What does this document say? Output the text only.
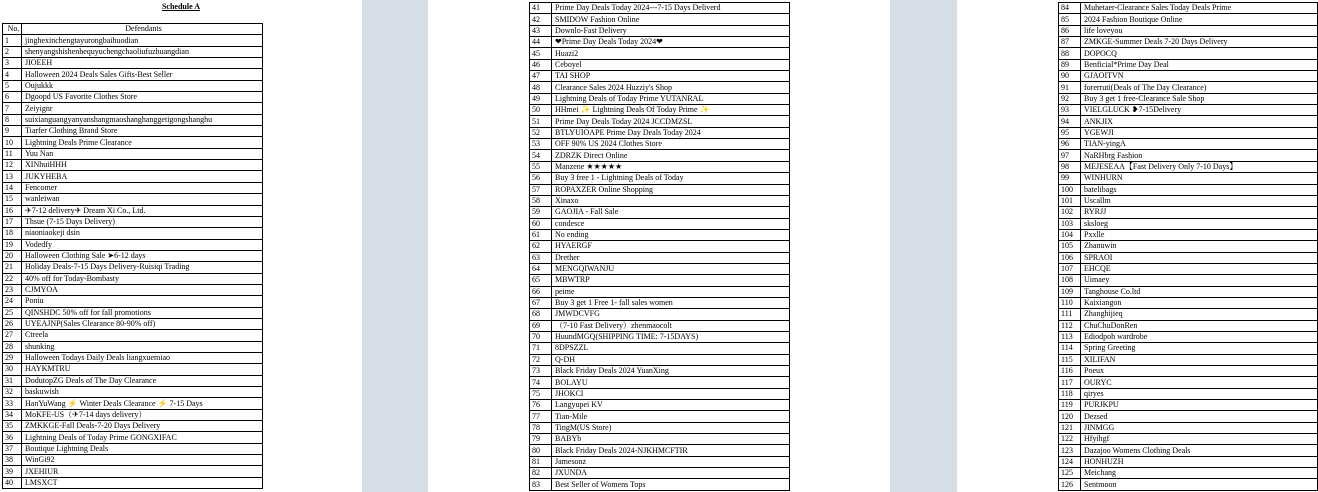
Schedule A
No.	Defendants
1	jinghexinchengtayurongbaihuodian
2	shenyangshishenhequyuchengchaoliufuzhuangdian
3	JIOEEH
4	Halloween 2024 Deals Sales Gifts-Best Seller
5	Oujukkk
6	Dgoopd US Favorite Clothes Store
7	Zeiyignr
8	suixianguangyanyanshangmaoshanghanggetigongshanghu
9	Tiarfer Clothing Brand Store
10	Lightning Deals Prime Clearance
11	Yuu Nan
12	XINhuiHHH
13	JUKYHEBA
14	Fencomer
15	wanleiwan
16	✈7-12 delivery✈ Dream Xi Co., Ltd.
17	Thsue (7-15 Days Delivery)
18	niaoniaokeji dsin
19	Vodedfy
20	Halloween Clothing Sale ➤6-12 days
21	Holiday Deals-7-15 Days Delivery-Ruisiqi Trading
22	40% off for Today-Bombasty
23	CJMYOA
24	Poniu
25	QINSHDC 50% off for fall promotions
26	UYEAJNP(Sales Clearance 80-90% off)
27	Ctreela
28	shunking
29	Halloween Todays Daily Deals liangxuemiao
30	HAYKMTRU
31	DodutopZG Deals of The Day Clearance
32	baskuwish
33	HanYuWang ⚡ Winter Deals Clearance ⚡ 7-15 Days
34	MoKFE-US（✈7-14 days delivery）
35	ZMKKGE-Fall Deals-7-20 Days Delivery
36	Lightning Deals of Today Prime GONGXIFAC
37	Boutique Lightning Deals
38	WinGi92
39	JXEHIUR
40	LMSXCT
41	Prime Day Deals Today 2024---7-15 Days Deliverd
42	SMIDOW Fashion Online
43	Downlo-Fast Delivery
44	❤Prime Day Deals Today 2024❤
45	Huazi2
46	Ceboyel
47	TAI SHOP
48	Clearance Sales 2024 Huzziy's Shop
49	Lightning Deals of Today Prime YUTANRAL
50	HHmei ✨ Lightning Deals Of Today Prime ✨
51	Prime Day Deals Today 2024 JCCDMZSL
52	BTLYUIOAPE Prime Day Deals Today 2024
53	OFF 90% US 2024 Clothes Store
54	ZDRZK Direct Online
55	Manzene ★★★★★
56	Buy 3 free 1 - Lightning Deals of Today
57	ROPAXZER Online Shopping
58	Xinaxo
59	GAOJIA - Fall Sale
60	condesce
61	No ending
62	HYAERGF
63	Drether
64	MENGQIWANJU
65	MBWTRP
66	peime
67	Buy 3 get 1 Free 1- fall sales women
68	JMWDCVFG
69	（7-10 Fast Delivery）zhenmaocolt
70	HuundMGQ(SHIPPING TIME: 7-15DAYS)
71	8DPSZZL
72	Q-DH
73	Black Friday Deals 2024 YuanXing
74	BOLAYU
75	JHOKCI
76	Langyupei KV
77	Tian-Mile
78	TingM(US Store)
79	BABYb
80	Black Friday Deals 2024-NJKHMCFTIR
81	Jamesonz
82	JXUNDA
83	Best Seller of Womens Tops
84	Muhetaer-Clearance Sales Today Deals Prime
85	2024 Fashion Boutique Online
86	life loveyou
87	ZMKGE-Summer Deals 7-20 Days Delivery
88	DOPOCQ
89	Benficial*Prime Day Deal
90	GJAOITVN
91	forerruti(Deals of The Day Clearance)
92	Buy 3 get 1 free-Clearance Sale Shop
93	VIELGLUCK ❥7-15Delivery
94	ANKJIX
95	YGEWJI
96	TIAN-yingA
97	NaRHbrg Fashion
98	MEJESEAA【Fast Delivery Only 7-10 Days】
99	WINHURN
100	batelibags
101	Uscallm
102	RYRJJ
103	sksloeg
104	Pxxlle
105	Zhanuwin
106	SPRAOI
107	EHCQE
108	Uimaey
109	Tanghouse Co.ltd
110	Kaixiangon
111	Zhanghijieq
112	ChuChuDonRen
113	Ediodpoh wardrobe
114	Spring Greeting
115	XILIFAN
116	Poeux
117	OURYC
118	qiryes
119	PURJKPU
120	Dezsed
121	JINMGG
122	Hfyihgf
123	Dazajoo Womens Clothing Deals
124	HONHUZH
125	Meichang
126	Sentmoon
